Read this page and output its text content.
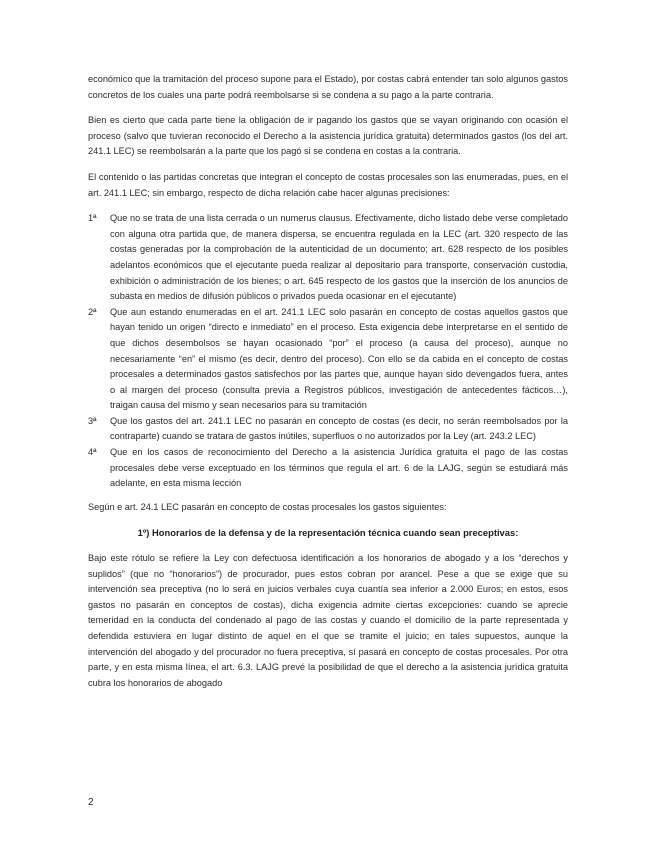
económico que la tramitación del proceso supone para el Estado), por costas cabrá entender tan solo algunos gastos concretos de los cuales una parte podrá reembolsarse si se condena a su pago a la parte contraria.

Bien es cierto que cada parte tiene la obligación de ir pagando los gastos que se vayan originando con ocasión el proceso (salvo que tuvieran reconocido el Derecho a la asistencia jurídica gratuita) determinados gastos (los del art. 241.1 LEC) se reembolsarán a la parte que los pagó si se condena en costas a la contraria.

El contenido o las partidas concretas que integran el concepto de costas procesales son las enumeradas, pues, en el art. 241.1 LEC; sin embargo, respecto de dicha relación cabe hacer algunas precisiones:

1ª	Que no se trata de una lista cerrada o un numerus clausus. Efectivamente, dicho listado debe verse completado con alguna otra partida que, de manera dispersa, se encuentra regulada en la LEC (art. 320 respecto de las costas generadas por la comprobación de la autenticidad de un documento; art. 628 respecto de los posibles adelantos económicos que el ejecutante pueda realizar al depositario para transporte, conservación custodia, exhibición o administración de los bienes; o art. 645 respecto de los gastos que la inserción de los anuncios de subasta en medios de difusión públicos o privados pueda ocasionar en el ejecutante)
2ª	Que aun estando enumeradas en el art. 241.1 LEC solo pasarán en concepto de costas aquellos gastos que hayan tenido un origen “directo e inmediato” en el proceso. Esta exigencia debe interpretarse en el sentido de que dichos desembolsos se hayan ocasionado “por” el proceso (a causa del proceso), aunque no necesariamente “en” el mismo (es decir, dentro del proceso). Con ello se da cabida en el concepto de costas procesales a determinados gastos satisfechos por las partes que, aunque hayan sido devengados fuera, antes o al margen del proceso (consulta previa a Registros públicos, investigación de antecedentes fácticos…), traigan causa del mismo y sean necesarios para su tramitación
3ª	Que los gastos del art. 241.1 LEC no pasarán en concepto de costas (es decir, no serán reembolsados por la contraparte) cuando se tratara de gastos inútiles, superfluos o no autorizados por la Ley (art. 243.2 LEC)
4ª	Que en los casos de reconocimiento del Derecho a la asistencia Jurídica gratuita el pago de las costas procesales debe verse exceptuado en los términos que regula el art. 6 de la LAJG, según se estudiará más adelante, en esta misma lección

Según e art. 24.1 LEC pasarán en concepto de costas procesales los gastos siguientes:

1º) Honorarios de la defensa y de la representación técnica cuando sean preceptivas:

Bajo este rótulo se refiere la Ley con defectuosa identificación a los honorarios de abogado y a los “derechos y suplidos” (que no “honorarios”) de procurador, pues estos cobran por arancel. Pese a que se exige que su intervención sea preceptiva (no lo será en juicios verbales cuya cuantía sea inferior a 2.000 Euros; en estos, esos gastos no pasarán en conceptos de costas), dicha exigencia admite ciertas excepciones: cuando se aprecie temeridad en la conducta del condenado al pago de las costas y cuando el domicilio de la parte representada y defendida estuviera en lugar distinto de aquel en el que se tramite el juicio; en tales supuestos, aunque la intervención del abogado y del procurador no fuera preceptiva, sí pasará en concepto de costas procesales. Por otra parte, y en esta misma línea, el art. 6.3. LAJG prevé la posibilidad de que el derecho a la asistencia jurídica gratuita cubra los honorarios de abogado

2
